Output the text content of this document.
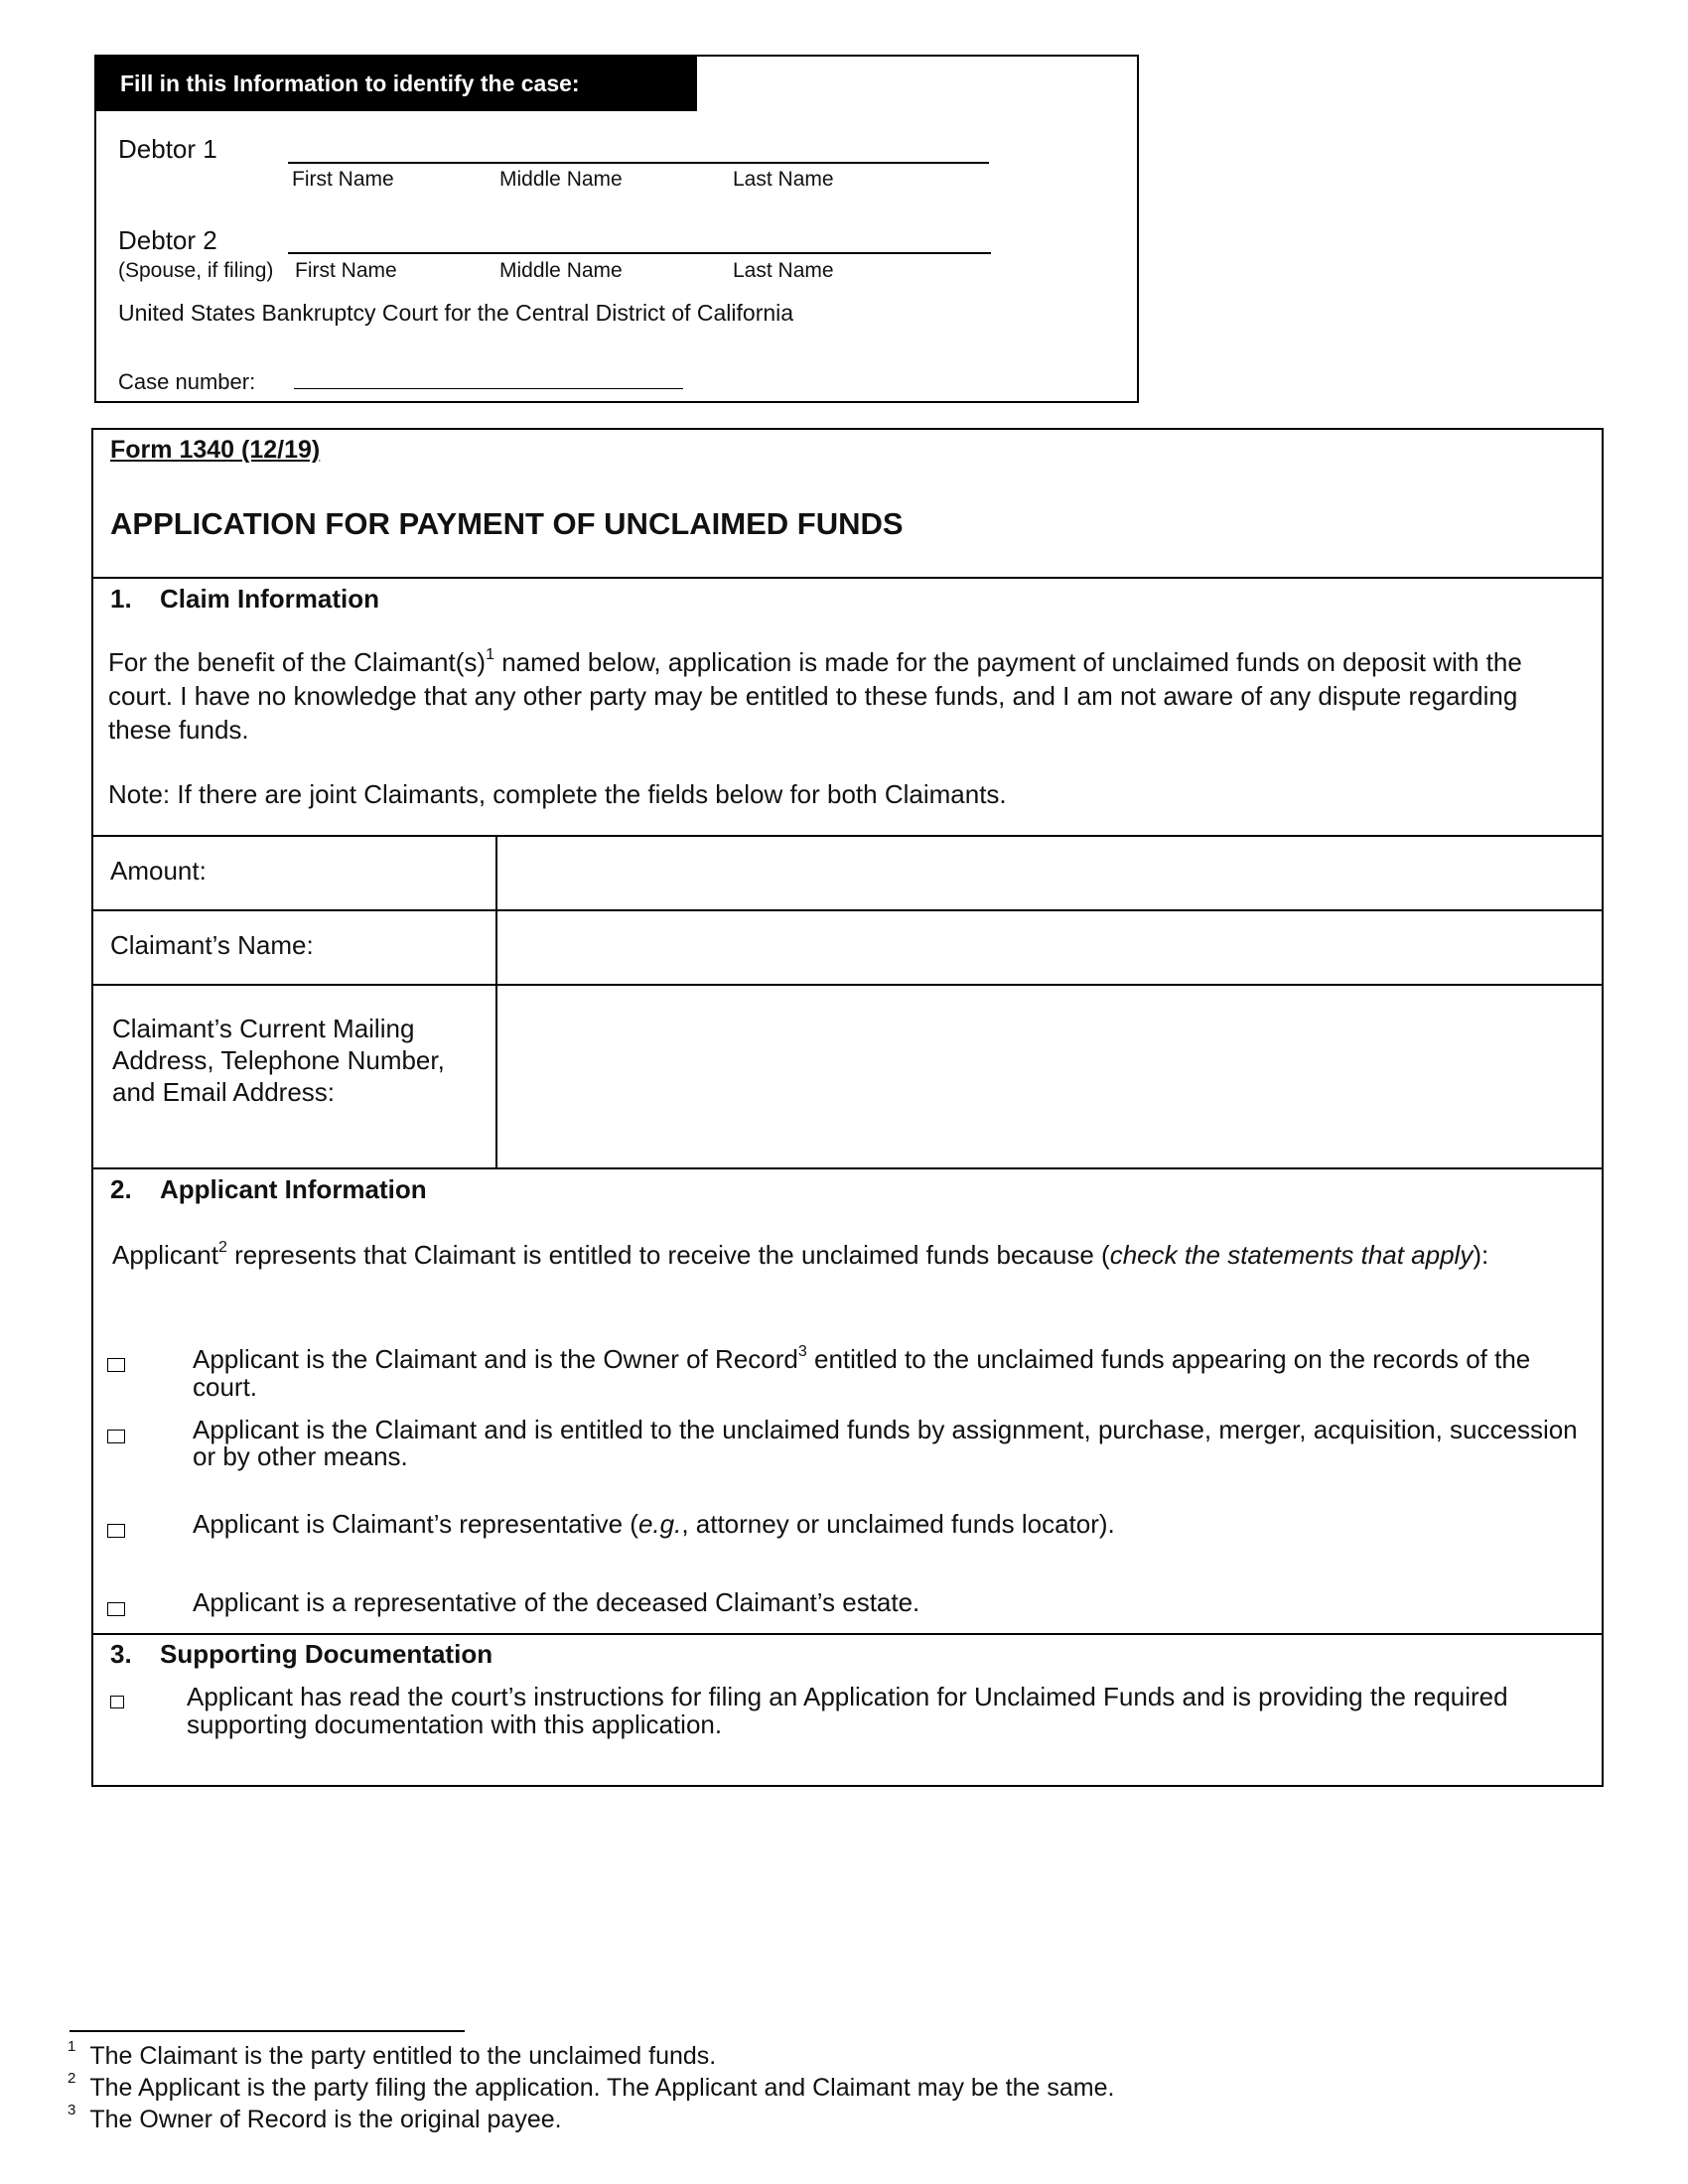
Fill in this Information to identify the case:
Debtor 1
First Name	Middle Name	Last Name
Debtor 2
(Spouse, if filing) First Name	Middle Name	Last Name
United States Bankruptcy Court for the Central District of California
Case number:
Form 1340 (12/19)
APPLICATION FOR PAYMENT OF UNCLAIMED FUNDS
1. Claim Information
For the benefit of the $Claimant(s)^1$ named below, application is made for the payment of unclaimed funds on deposit with the court. I have no knowledge that any other party may be entitled to these funds, and I am not aware of any dispute regarding these funds.
Note: If there are joint Claimants, complete the fields below for both Claimants.
Amount:
Claimant’s Name:
Claimant’s Current Mailing Address, Telephone Number, and Email Address:
2. Applicant Information
Applicant$^2$ represents that Claimant is entitled to receive the unclaimed funds because (check the statements that apply):
Applicant is the Claimant and is the Owner of Record$^3$ entitled to the unclaimed funds appearing on the records of the court.
Applicant is the Claimant and is entitled to the unclaimed funds by assignment, purchase, merger, acquisition, succession or by other means.
Applicant is Claimant’s representative (e.g., attorney or unclaimed funds locator).
Applicant is a representative of the deceased Claimant’s estate.
3. Supporting Documentation
Applicant has read the court’s instructions for filing an Application for Unclaimed Funds and is providing the required supporting documentation with this application.
$^1$ The Claimant is the party entitled to the unclaimed funds.
$^2$ The Applicant is the party filing the application. The Applicant and Claimant may be the same.
$^3$ The Owner of Record is the original payee.
